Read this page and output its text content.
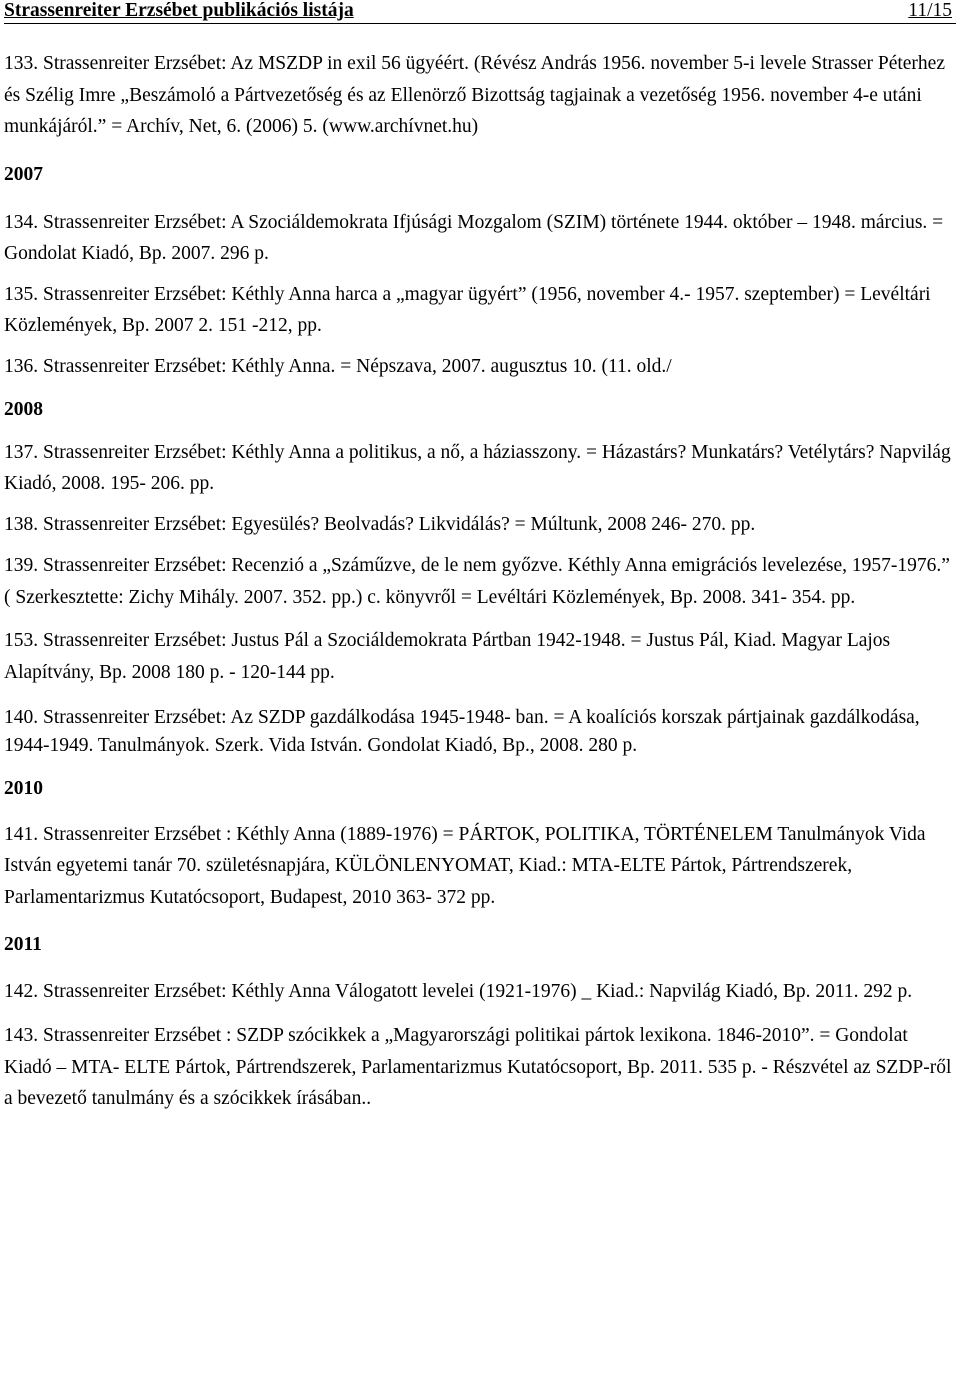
Strassenreiter Erzsébet publikációs listája	11/15

133. Strassenreiter Erzsébet: Az MSZDP in exil 56 ügyéért. (Révész András 1956. november 5-i levele Strasser Péterhez és Szélig Imre „Beszámoló a Pártvezetőség és az Ellenörző Bizottság tagjainak a vezetőség 1956. november 4-e utáni munkájáról.” = Archív, Net, 6. (2006) 5. (www.archívnet.hu)

2007

134. Strassenreiter Erzsébet: A Szociáldemokrata Ifjúsági Mozgalom (SZIM) története 1944. október – 1948. március. = Gondolat Kiadó, Bp. 2007. 296 p.

135. Strassenreiter Erzsébet: Kéthly Anna harca a „magyar ügyért” (1956, november 4.- 1957. szeptember) = Levéltári Közlemények, Bp. 2007 2. 151 -212, pp.

136. Strassenreiter Erzsébet: Kéthly Anna. = Népszava, 2007. augusztus 10. (11. old./

2008

137. Strassenreiter Erzsébet: Kéthly Anna a politikus, a nő, a háziasszony. = Házastárs? Munkatárs? Vetélytárs? Napvilág Kiadó, 2008. 195- 206. pp.

138. Strassenreiter Erzsébet: Egyesülés? Beolvadás? Likvidálás? = Múltunk, 2008 246- 270. pp.

139. Strassenreiter Erzsébet: Recenzió a „Száműzve, de le nem győzve. Kéthly Anna emigrációs levelezése, 1957-1976.” ( Szerkesztette: Zichy Mihály. 2007. 352. pp.) c. könyvről = Levéltári Közlemények, Bp. 2008. 341- 354. pp.

153. Strassenreiter Erzsébet: Justus Pál a Szociáldemokrata Pártban 1942-1948. = Justus Pál, Kiad. Magyar Lajos Alapítvány, Bp. 2008 180 p. - 120-144 pp.

140. Strassenreiter Erzsébet: Az SZDP gazdálkodása 1945-1948- ban. = A koalíciós korszak pártjainak gazdálkodása, 1944-1949. Tanulmányok. Szerk. Vida István. Gondolat Kiadó, Bp., 2008. 280 p.

2010

141. Strassenreiter Erzsébet : Kéthly Anna (1889-1976) = PÁRTOK, POLITIKA, TÖRTÉNELEM Tanulmányok Vida István egyetemi tanár 70. születésnapjára, KÜLÖNLENYOMAT, Kiad.: MTA-ELTE Pártok, Pártrendszerek, Parlamentarizmus Kutatócsoport, Budapest, 2010 363- 372 pp.

2011

142. Strassenreiter Erzsébet: Kéthly Anna Válogatott levelei (1921-1976) _ Kiad.: Napvilág Kiadó, Bp. 2011. 292 p.

143. Strassenreiter Erzsébet : SZDP szócikkek a „Magyarországi politikai pártok lexikona. 1846-2010”. = Gondolat Kiadó – MTA- ELTE Pártok, Pártrendszerek, Parlamentarizmus Kutatócsoport, Bp. 2011. 535 p. - Részvétel az SZDP-ről a bevezető tanulmány és a szócikkek írásában..
